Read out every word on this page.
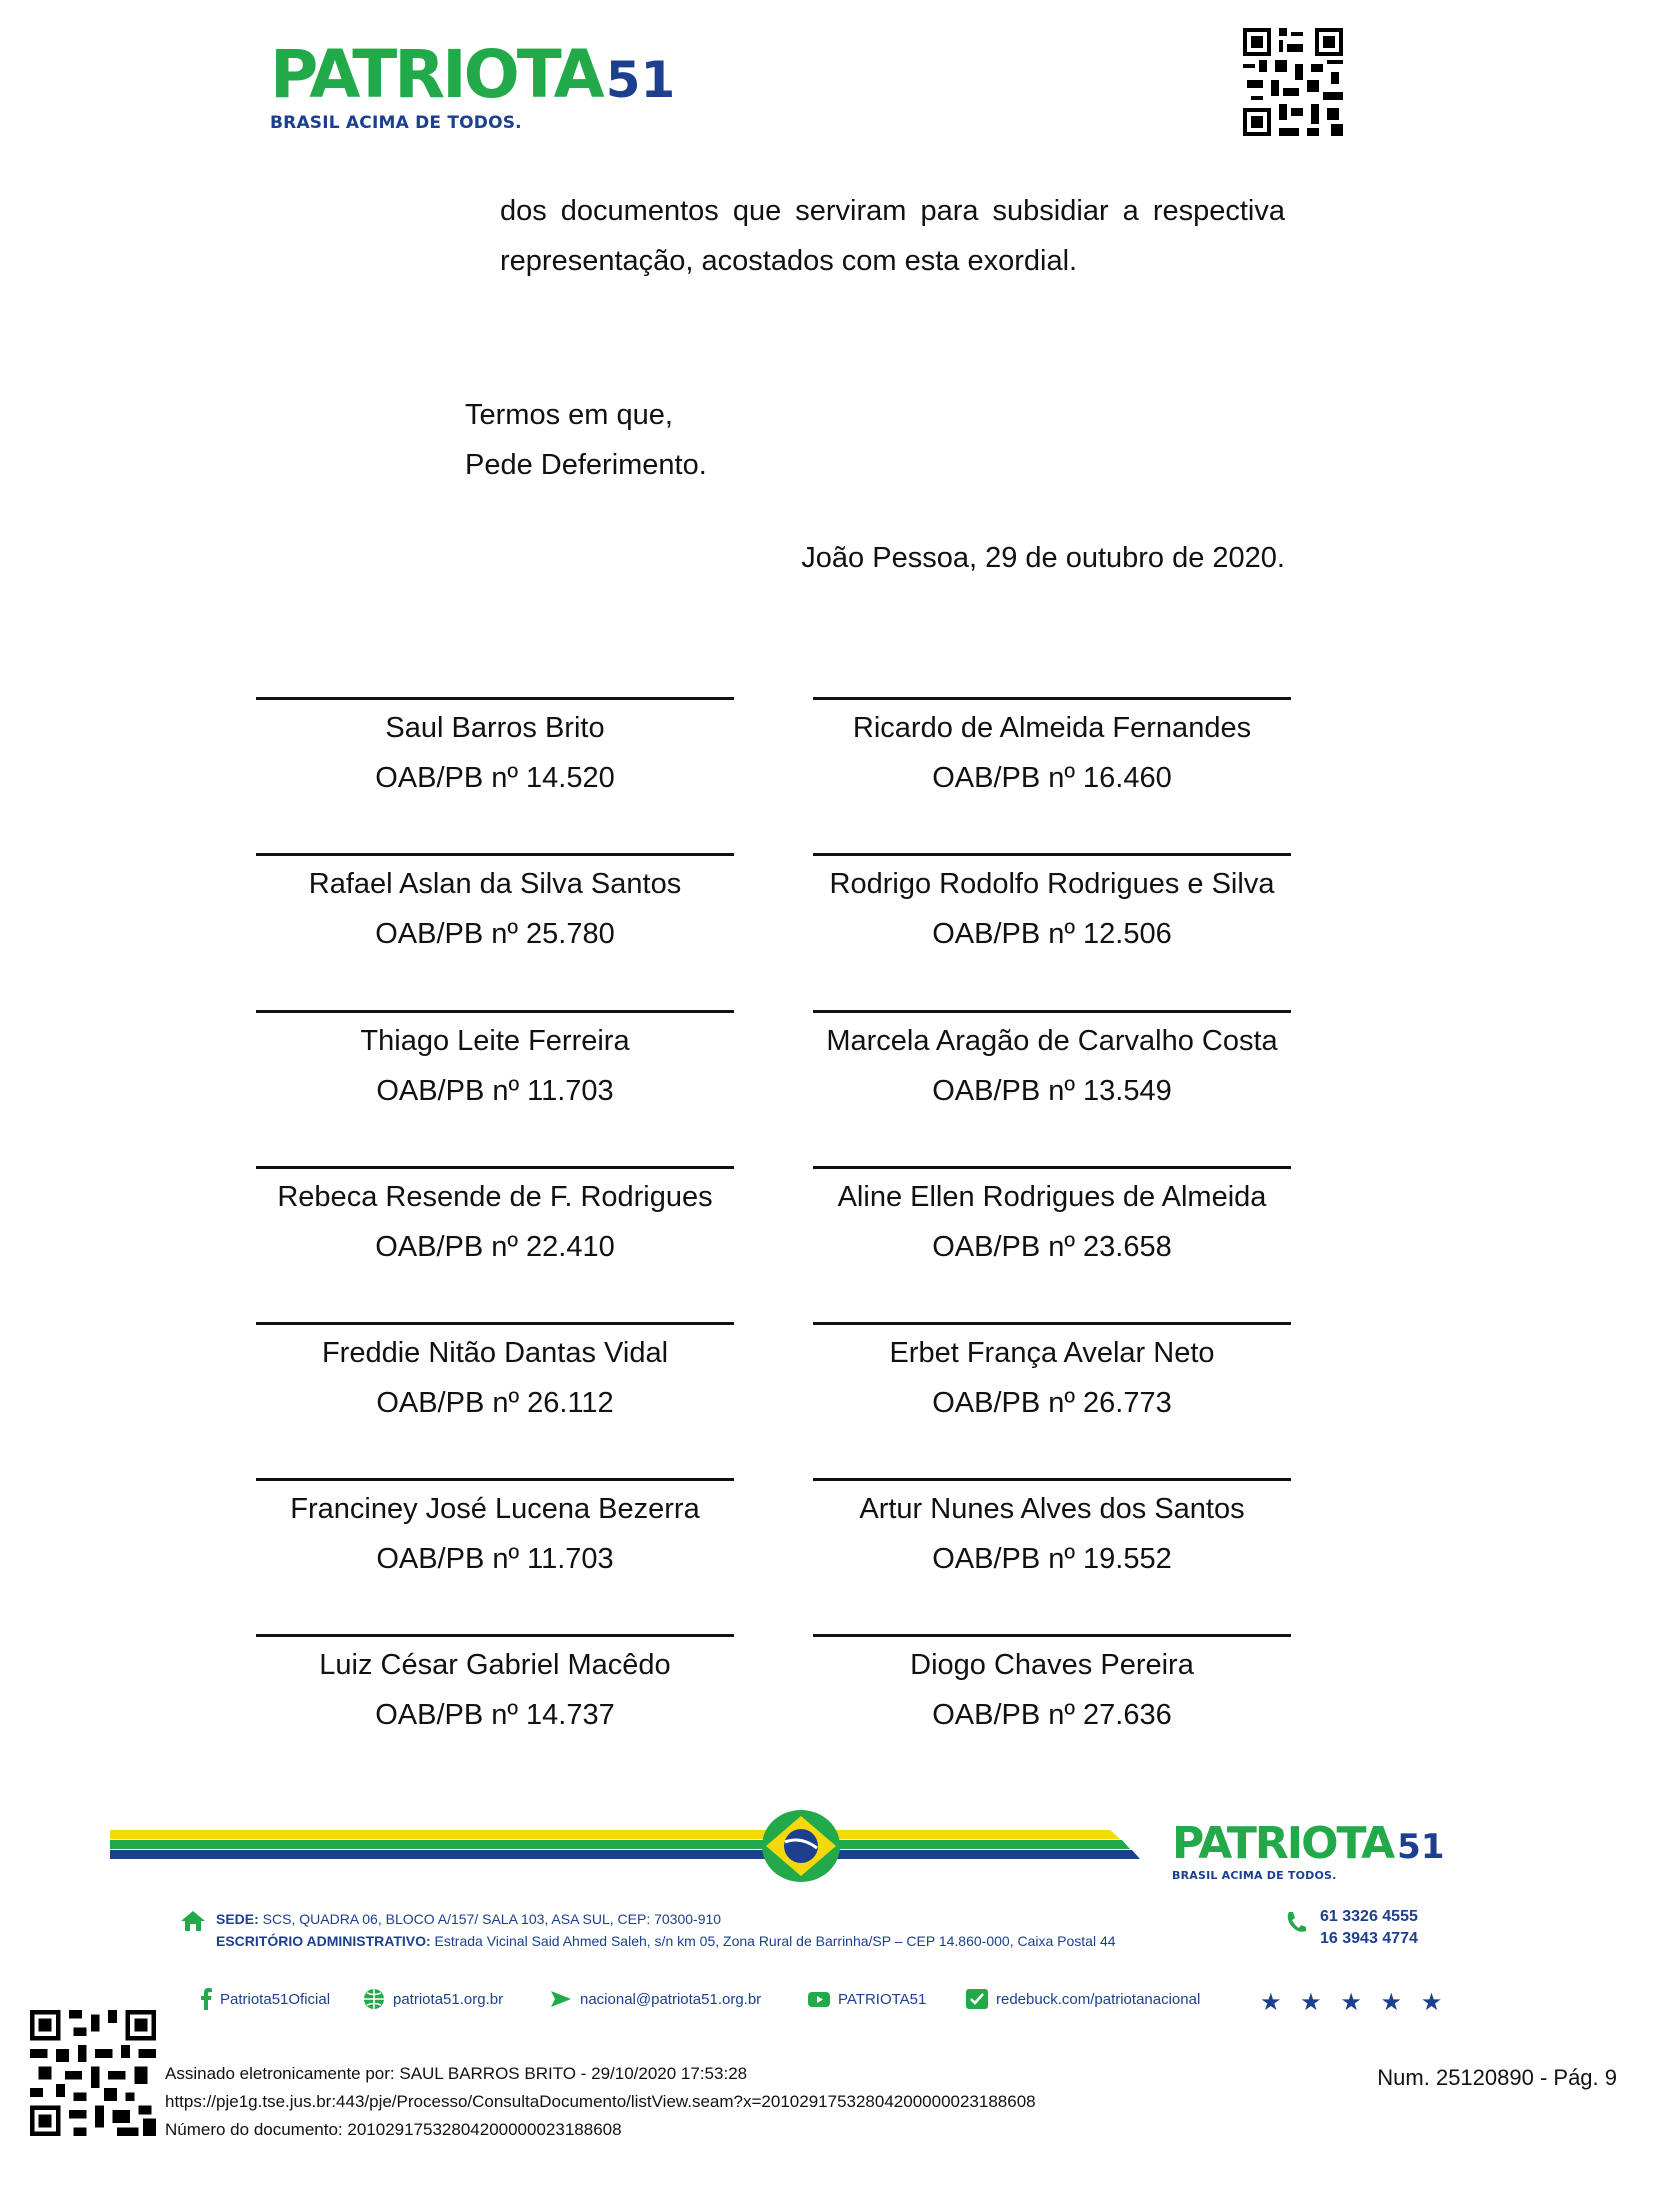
PATRIOTA51
BRASIL ACIMA DE TODOS.
dos documentos que serviram para subsidiar a respectiva
representação, acostados com esta exordial.
Termos em que,
Pede Deferimento.
João Pessoa, 29 de outubro de 2020.
Saul Barros Brito
OAB/PB nº 14.520
Ricardo de Almeida Fernandes
OAB/PB nº 16.460
Rafael Aslan da Silva Santos
OAB/PB nº 25.780
Rodrigo Rodolfo Rodrigues e Silva
OAB/PB nº 12.506
Thiago Leite Ferreira
OAB/PB nº 11.703
Marcela Aragão de Carvalho Costa
OAB/PB nº 13.549
Rebeca Resende de F. Rodrigues
OAB/PB nº 22.410
Aline Ellen Rodrigues de Almeida
OAB/PB nº 23.658
Freddie Nitão Dantas Vidal
OAB/PB nº 26.112
Erbet França Avelar Neto
OAB/PB nº 26.773
Franciney José Lucena Bezerra
OAB/PB nº 11.703
Artur Nunes Alves dos Santos
OAB/PB nº 19.552
Luiz César Gabriel Macêdo
OAB/PB nº 14.737
Diogo Chaves Pereira
OAB/PB nº 27.636
PATRIOTA 51
BRASIL ACIMA DE TODOS.
SEDE: SCS, QUADRA 06, BLOCO A/157/ SALA 103, ASA SUL, CEP: 70300-910
ESCRITÓRIO ADMINISTRATIVO: Estrada Vicinal Said Ahmed Saleh, s/n km 05, Zona Rural de Barrinha/SP – CEP 14.860-000, Caixa Postal 44
61 3326 4555
16 3943 4774
Patriota51Oficial	patriota51.org.br	nacional@patriota51.org.br	PATRIOTA51	redebuck.com/patriotanacional ★ ★ ★ ★ ★
Assinado eletronicamente por: SAUL BARROS BRITO - 29/10/2020 17:53:28
https://pje1g.tse.jus.br:443/pje/Processo/ConsultaDocumento/listView.seam?x=20102917532804200000023188608
Número do documento: 20102917532804200000023188608
Num. 25120890 - Pág. 9
